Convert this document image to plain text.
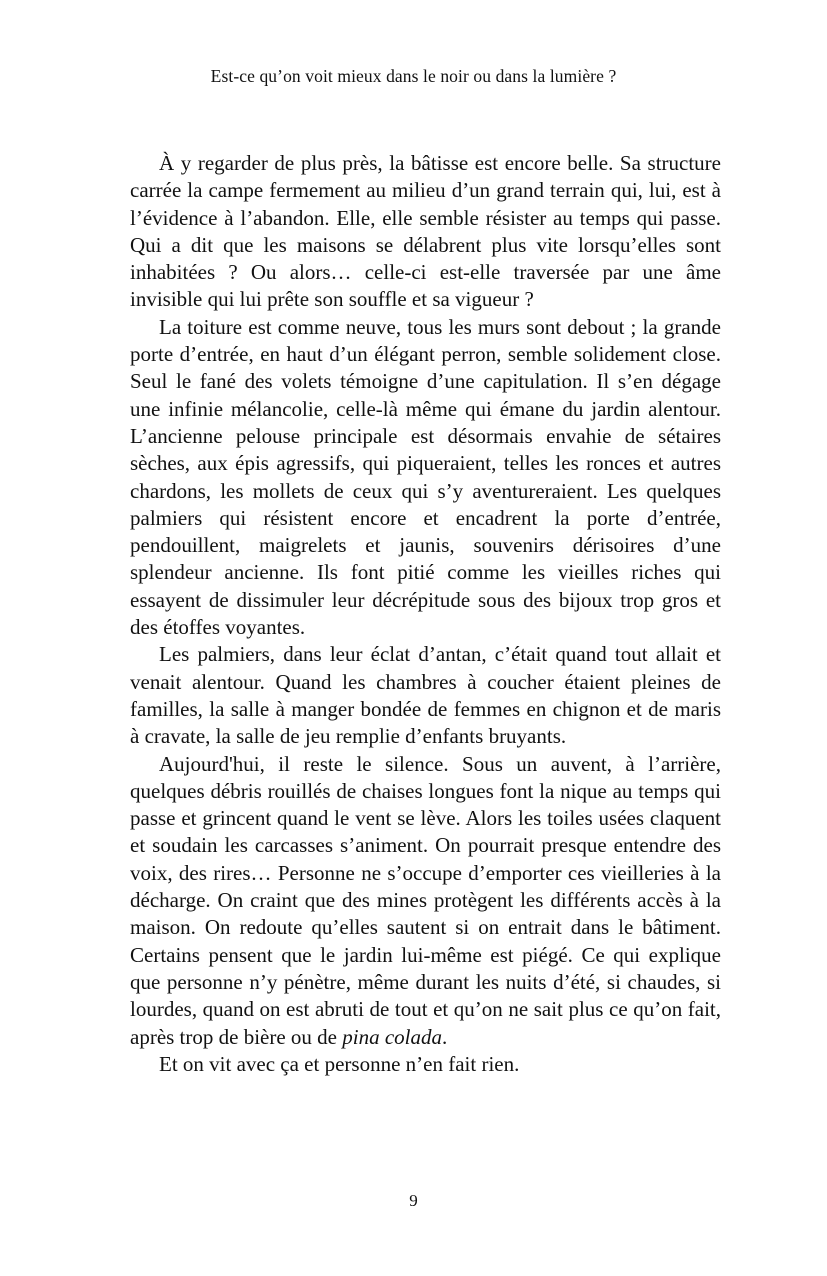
Est-ce qu’on voit mieux dans le noir ou dans la lumière ?

À y regarder de plus près, la bâtisse est encore belle. Sa structure carrée la campe fermement au milieu d’un grand terrain qui, lui, est à l’évidence à l’abandon. Elle, elle semble résister au temps qui passe. Qui a dit que les maisons se délabrent plus vite lorsqu’elles sont inhabitées ? Ou alors… celle-ci est-elle traversée par une âme invisible qui lui prête son souffle et sa vigueur ?

La toiture est comme neuve, tous les murs sont debout ; la grande porte d’entrée, en haut d’un élégant perron, semble solidement close. Seul le fané des volets témoigne d’une capitulation. Il s’en dégage une infinie mélancolie, celle-là même qui émane du jardin alentour. L’ancienne pelouse principale est désormais envahie de sétaires sèches, aux épis agressifs, qui piqueraient, telles les ronces et autres chardons, les mollets de ceux qui s’y aventureraient. Les quelques palmiers qui résistent encore et encadrent la porte d’entrée, pendouillent, maigrelets et jaunis, souvenirs dérisoires d’une splendeur ancienne. Ils font pitié comme les vieilles riches qui essayent de dissimuler leur décrépitude sous des bijoux trop gros et des étoffes voyantes.

Les palmiers, dans leur éclat d’antan, c’était quand tout allait et venait alentour. Quand les chambres à coucher étaient pleines de familles, la salle à manger bondée de femmes en chignon et de maris à cravate, la salle de jeu remplie d’enfants bruyants.

Aujourd'hui, il reste le silence. Sous un auvent, à l’arrière, quelques débris rouillés de chaises longues font la nique au temps qui passe et grincent quand le vent se lève. Alors les toiles usées claquent et soudain les carcasses s’animent. On pourrait presque entendre des voix, des rires… Personne ne s’occupe d’emporter ces vieilleries à la décharge. On craint que des mines protègent les différents accès à la maison. On redoute qu’elles sautent si on entrait dans le bâtiment. Certains pensent que le jardin lui-même est piégé. Ce qui explique que personne n’y pénètre, même durant les nuits d’été, si chaudes, si lourdes, quand on est abruti de tout et qu’on ne sait plus ce qu’on fait, après trop de bière ou de pina colada.

Et on vit avec ça et personne n’en fait rien.

9
